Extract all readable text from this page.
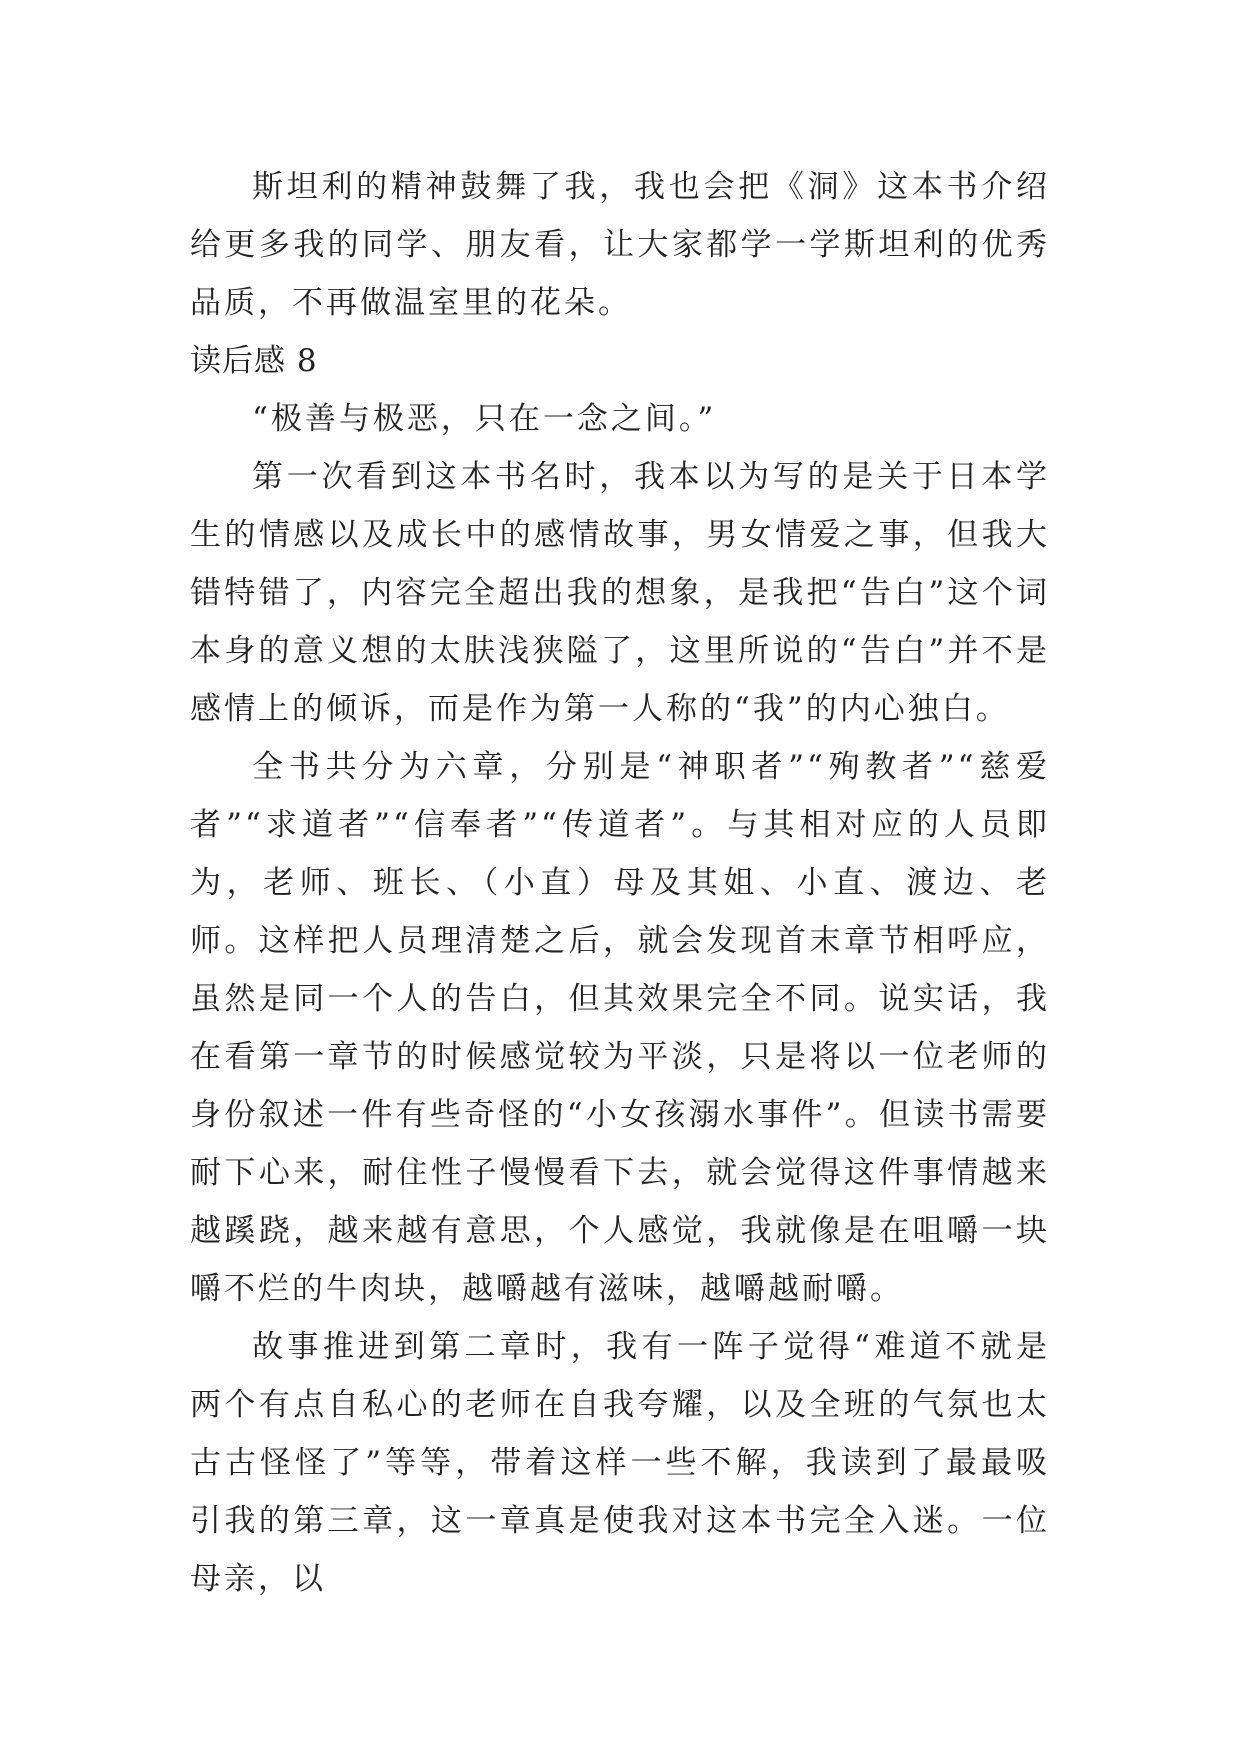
斯坦利的精神鼓舞了我，我也会把《洞》这本书介绍给更多我的同学、朋友看，让大家都学一学斯坦利的优秀品质，不再做温室里的花朵。

读后感 8

“极善与极恶，只在一念之间。”

第一次看到这本书名时，我本以为写的是关于日本学生的情感以及成长中的感情故事，男女情爱之事，但我大错特错了，内容完全超出我的想象，是我把“告白”这个词本身的意义想的太肤浅狭隘了，这里所说的“告白”并不是感情上的倾诉，而是作为第一人称的“我”的内心独白。

全书共分为六章，分别是“神职者”“殉教者”“慈爱者”“求道者”“信奉者”“传道者”。与其相对应的人员即为，老师、班长、（小直）母及其姐、小直、渡边、老师。这样把人员理清楚之后，就会发现首末章节相呼应，虽然是同一个人的告白，但其效果完全不同。说实话，我在看第一章节的时候感觉较为平淡，只是将以一位老师的身份叙述一件有些奇怪的“小女孩溺水事件”。但读书需要耐下心来，耐住性子慢慢看下去，就会觉得这件事情越来越蹊跷，越来越有意思，个人感觉，我就像是在咀嚼一块嚼不烂的牛肉块，越嚼越有滋味，越嚼越耐嚼。

故事推进到第二章时，我有一阵子觉得“难道不就是两个有点自私心的老师在自我夸耀，以及全班的气氛也太古古怪怪了”等等，带着这样一些不解，我读到了最最吸引我的第三章，这一章真是使我对这本书完全入迷。一位母亲，以
